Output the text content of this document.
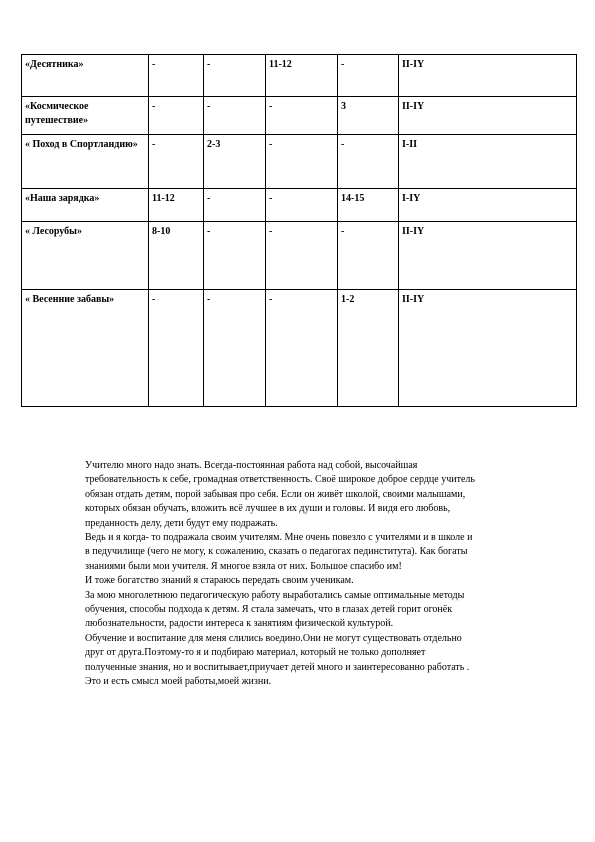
«Десятника»	-	-	11-12	-	II-IY
«Космическое путешествие»	-	-	-	3	II-IY
« Поход в Спортландию»	-	2-3	-	-	I-II
«Наша зарядка»	11-12	-	-	14-15	I-IY
« Лесорубы»	8-10	-	-	-	II-IY
« Весенние забавы»	-	-	-	1-2	II-IY
Учителю много надо знать. Всегда-постоянная работа над собой, высочайшая
требовательность к себе, громадная ответственность. Своё широкое доброе сердце учитель
обязан отдать детям, порой забывая про себя. Если он живёт школой, своими малышами,
которых обязан обучать, вложить всё лучшее в их души и головы. И видя его любовь,
преданность делу, дети будут ему подражать.
Ведь и я когда- то подражала своим учителям. Мне очень повезло с учителями и в школе и
в педучилище (чего не могу, к сожалению, сказать о педагогах пединститута). Как богаты
знаниями были мои учителя. Я многое взяла от них. Большое спасибо им!
И тоже богатство знаний я стараюсь передать своим ученикам.
За мою многолетнюю педагогическую работу выработались самые оптимальные методы
обучения, способы подхода к детям. Я стала замечать, что в глазах детей горит огонёк
любознательности, радости интереса к занятиям физической культурой.
Обучение и воспитание для меня слились воедино.Они не могут существовать отдельно
друг от друга.Поэтому-то я и подбираю материал, который не только дополняет
полученные знания, но и воспитывает,приучает детей много и заинтересованно работать .
Это и есть смысл моей работы,моей жизни.
